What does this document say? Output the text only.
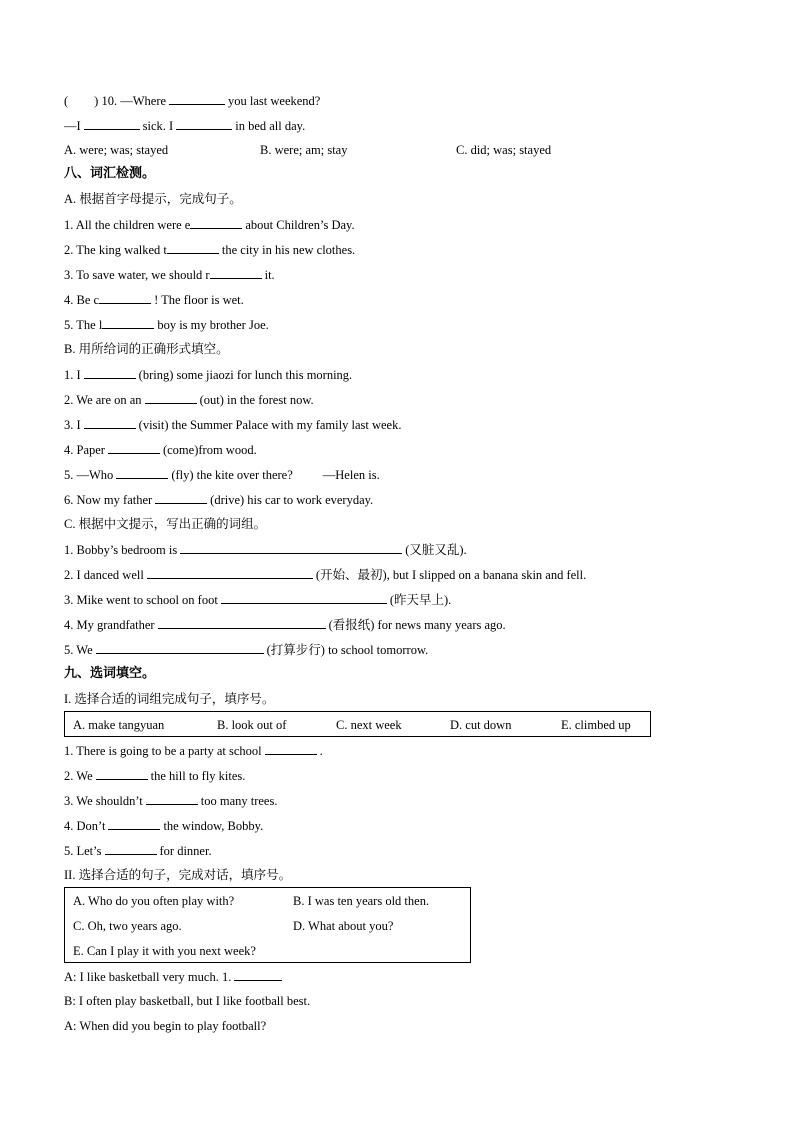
( ) 10. —Where	you last weekend?
—I	sick. I	in bed all day.
A. were; was; stayed	B. were; am; stay	C. did; was; stayed
八、词汇检测。
A. 根据首字母提示，完成句子。
1. All the children were e	about Children’s Day.
2. The king walked t	the city in his new clothes.
3. To save water, we should r	it.
4. Be c	! The floor is wet.
5. The l	boy is my brother Joe.
B. 用所给词的正确形式填空。
1. I	(bring) some jiaozi for lunch this morning.
2. We are on an	(out) in the forest now.
3. I	(visit) the Summer Palace with my family last week.
4. Paper	(come)from wood.
5. —Who	(fly) the kite over there? —Helen is.
6. Now my father	(drive) his car to work everyday.
C. 根据中文提示，写出正确的词组。
1. Bobby’s bedroom is	(又脏又乱).
2. I danced well	(开始、最初), but I slipped on a banana skin and fell.
3. Mike went to school on foot	(昨天早上).
4. My grandfather	(看报纸) for news many years ago.
5. We	(打算步行) to school tomorrow.
九、选词填空。
I. 选择合适的词组完成句子，填序号。
A. make tangyuan	B. look out of	C. next week	D. cut down	E. climbed up
1. There is going to be a party at school	.
2. We	the hill to fly kites.
3. We shouldn’t	too many trees.
4. Don’t	the window, Bobby.
5. Let’s	for dinner.
II. 选择合适的句子，完成对话，填序号。
A. Who do you often play with?	B. I was ten years old then.
C. Oh, two years ago.	D. What about you?
E. Can I play it with you next week?
A: I like basketball very much. 1.
B: I often play basketball, but I like football best.
A: When did you begin to play football?
